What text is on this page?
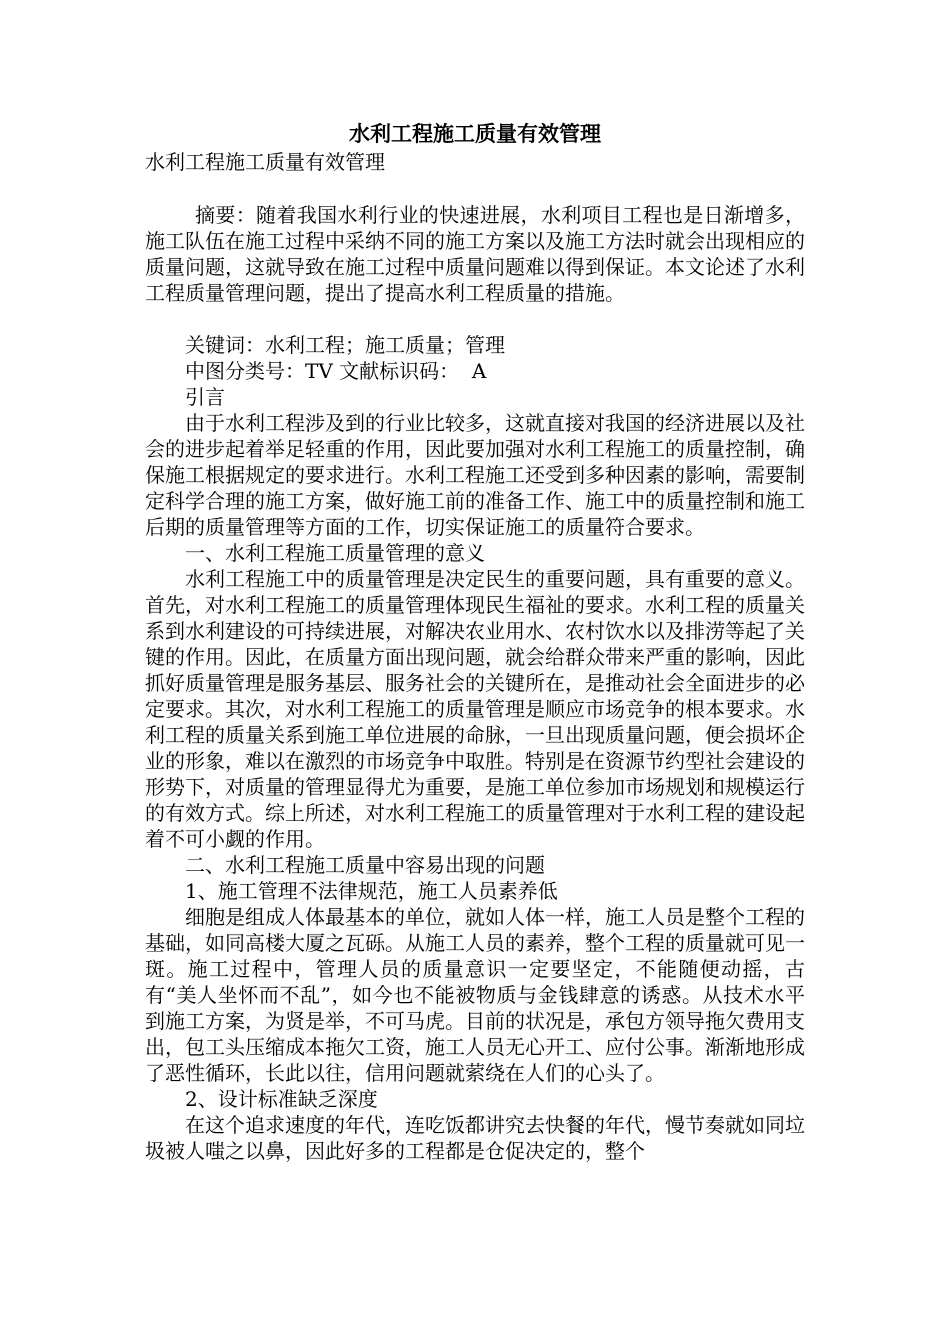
水利工程施工质量有效管理
水利工程施工质量有效管理

摘要：随着我国水利行业的快速进展，水利项目工程也是日渐增多，施工队伍在施工过程中采纳不同的施工方案以及施工方法时就会出现相应的质量问题，这就导致在施工过程中质量问题难以得到保证。本文论述了水利工程质量管理问题，提出了提高水利工程质量的措施。

关键词：水利工程；施工质量；管理
中图分类号：TV 文献标识码：  A
引言

由于水利工程涉及到的行业比较多，这就直接对我国的经济进展以及社会的进步起着举足轻重的作用，因此要加强对水利工程施工的质量控制，确保施工根据规定的要求进行。水利工程施工还受到多种因素的影响，需要制定科学合理的施工方案，做好施工前的准备工作、施工中的质量控制和施工后期的质量管理等方面的工作，切实保证施工的质量符合要求。

一、水利工程施工质量管理的意义

水利工程施工中的质量管理是决定民生的重要问题，具有重要的意义。首先，对水利工程施工的质量管理体现民生福祉的要求。水利工程的质量关系到水利建设的可持续进展，对解决农业用水、农村饮水以及排涝等起了关键的作用。因此，在质量方面出现问题，就会给群众带来严重的影响，因此抓好质量管理是服务基层、服务社会的关键所在，是推动社会全面进步的必定要求。其次，对水利工程施工的质量管理是顺应市场竞争的根本要求。水利工程的质量关系到施工单位进展的命脉，一旦出现质量问题，便会损坏企业的形象，难以在激烈的市场竞争中取胜。特别是在资源节约型社会建设的形势下，对质量的管理显得尤为重要，是施工单位参加市场规划和规模运行的有效方式。综上所述，对水利工程施工的质量管理对于水利工程的建设起着不可小觑的作用。

二、水利工程施工质量中容易出现的问题
1、施工管理不法律规范，施工人员素养低

细胞是组成人体最基本的单位，就如人体一样，施工人员是整个工程的基础，如同高楼大厦之瓦砾。从施工人员的素养，整个工程的质量就可见一斑。施工过程中，管理人员的质量意识一定要坚定，不能随便动摇，古有“美人坐怀而不乱”，如今也不能被物质与金钱肆意的诱惑。从技术水平到施工方案，为贤是举，不可马虎。目前的状况是，承包方领导拖欠费用支出，包工头压缩成本拖欠工资，施工人员无心开工、应付公事。渐渐地形成了恶性循环，长此以往，信用问题就萦绕在人们的心头了。

2、设计标准缺乏深度

在这个追求速度的年代，连吃饭都讲究去快餐的年代，慢节奏就如同垃圾被人嗤之以鼻，因此好多的工程都是仓促决定的，整个
